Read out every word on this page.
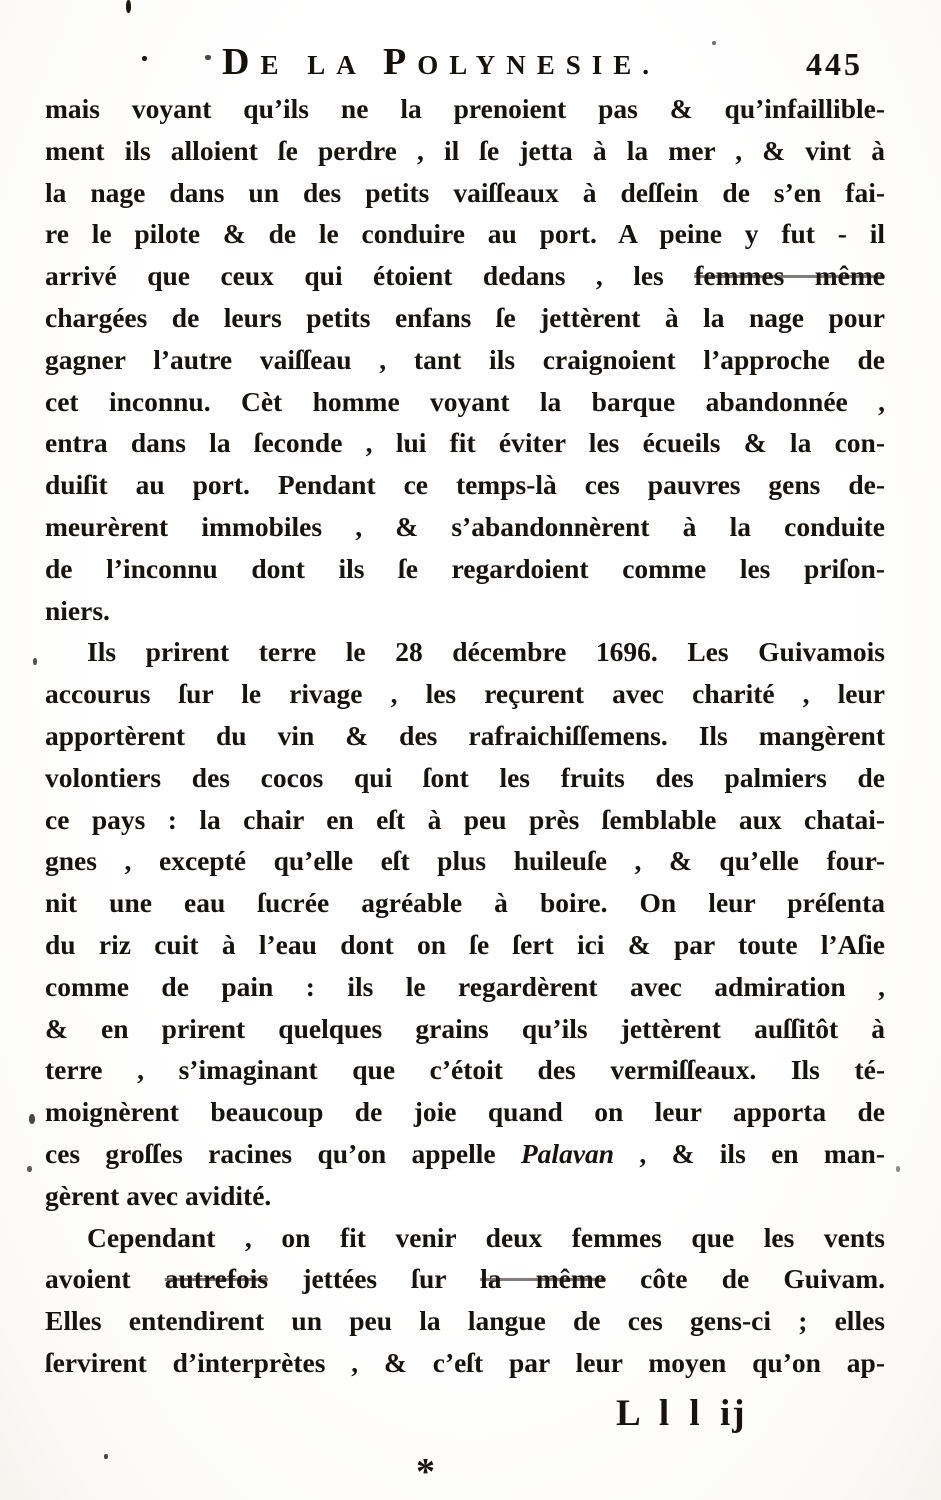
DE LA POLYNESIE.	445
mais voyant qu’ils ne la prenoient pas & qu’infaillible-
ment ils alloient ſe perdre , il ſe jetta à la mer , & vint à
la nage dans un des petits vaiſſeaux à deſſein de s’en fai-
re le pilote & de le conduire au port. A peine y fut - il
arrivé que ceux qui étoient dedans , les femmes même
chargées de leurs petits enfans ſe jettèrent à la nage pour
gagner l’autre vaiſſeau , tant ils craignoient l’approche de
cet inconnu. Cèt homme voyant la barque abandonnée ,
entra dans la ſeconde , lui fit éviter les écueils & la con-
duiſit au port. Pendant ce temps-là ces pauvres gens de-
meurèrent immobiles , & s’abandonnèrent à la conduite
de l’inconnu dont ils ſe regardoient comme les priſon-
niers.
Ils prirent terre le 28 décembre 1696. Les Guivamois
accourus ſur le rivage , les reçurent avec charité , leur
apportèrent du vin & des rafraichiſſemens. Ils mangèrent
volontiers des cocos qui ſont les fruits des palmiers de
ce pays : la chair en eſt à peu près ſemblable aux chatai-
gnes , excepté qu’elle eſt plus huileuſe , & qu’elle four-
nit une eau ſucrée agréable à boire. On leur préſenta
du riz cuit à l’eau dont on ſe ſert ici & par toute l’Aſie
comme de pain : ils le regardèrent avec admiration ,
& en prirent quelques grains qu’ils jettèrent auſſitôt à
terre , s’imaginant que c’étoit des vermiſſeaux. Ils té-
moignèrent beaucoup de joie quand on leur apporta de
ces groſſes racines qu’on appelle Palavan , & ils en man-
gèrent avec avidité.
Cependant , on fit venir deux femmes que les vents
avoient autrefois jettées ſur la même côte de Guivam.
Elles entendirent un peu la langue de ces gens-ci ; elles
ſervirent d’interprètes , & c’eſt par leur moyen qu’on ap-
L l l ij
*
